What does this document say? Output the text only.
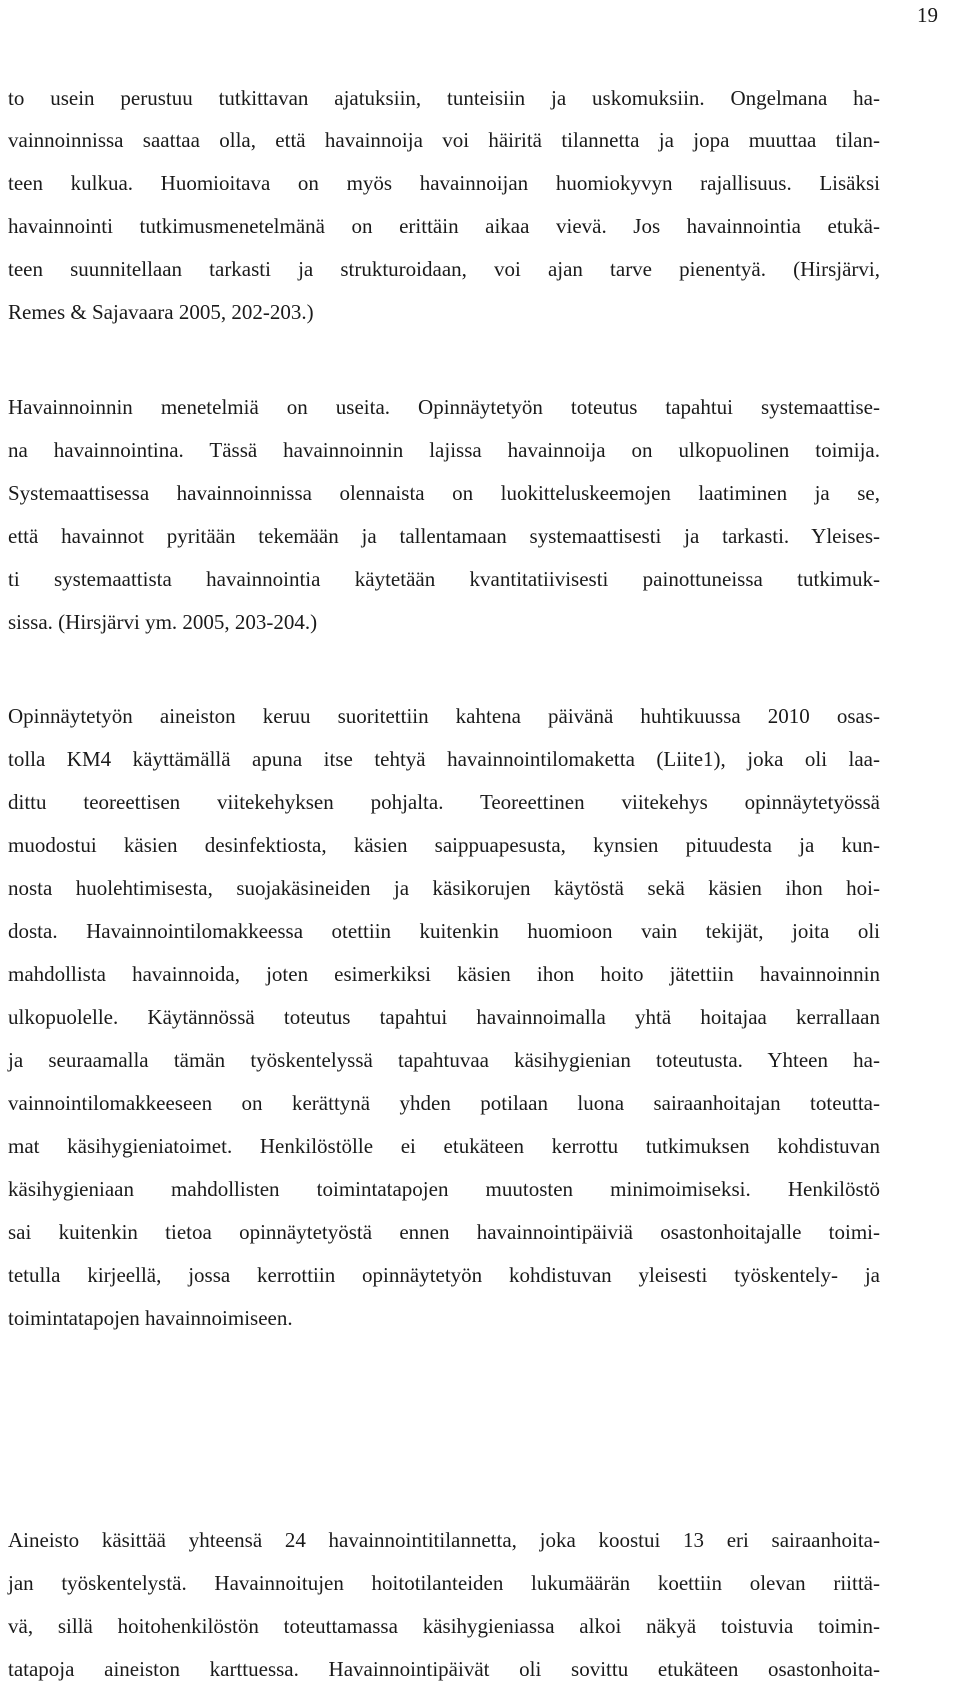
19
to usein perustuu tutkittavan ajatuksiin, tunteisiin ja uskomuksiin. Ongelmana ha-
vainnoinnissa saattaa olla, että havainnoija voi häiritä tilannetta ja jopa muuttaa tilan-
teen kulkua. Huomioitava on myös havainnoijan huomiokyvyn rajallisuus. Lisäksi
havainnointi tutkimusmenetelmänä on erittäin aikaa vievä. Jos havainnointia etukä-
teen suunnitellaan tarkasti ja strukturoidaan, voi ajan tarve pienentyä. (Hirsjärvi,
Remes & Sajavaara 2005, 202-203.)
Havainnoinnin menetelmiä on useita. Opinnäytetyön toteutus tapahtui systemaattise-
na havainnointina. Tässä havainnoinnin lajissa havainnoija on ulkopuolinen toimija.
Systemaattisessa havainnoinnissa olennaista on luokitteluskeemojen laatiminen ja se,
että havainnot pyritään tekemään ja tallentamaan systemaattisesti ja tarkasti. Yleises-
ti systemaattista havainnointia käytetään kvantitatiivisesti painottuneissa tutkimuk-
sissa. (Hirsjärvi ym. 2005, 203-204.)
Opinnäytetyön aineiston keruu suoritettiin kahtena päivänä huhtikuussa 2010 osas-
tolla KM4 käyttämällä apuna itse tehtyä havainnointilomaketta (Liite1), joka oli laa-
dittu teoreettisen viitekehyksen pohjalta. Teoreettinen viitekehys opinnäytetyössä
muodostui käsien desinfektiosta, käsien saippuapesusta, kynsien pituudesta ja kun-
nosta huolehtimisesta, suojakäsineiden ja käsikorujen käytöstä sekä käsien ihon hoi-
dosta. Havainnointilomakkeessa otettiin kuitenkin huomioon vain tekijät, joita oli
mahdollista havainnoida, joten esimerkiksi käsien ihon hoito jätettiin havainnoinnin
ulkopuolelle. Käytännössä toteutus tapahtui havainnoimalla yhtä hoitajaa kerrallaan
ja seuraamalla tämän työskentelyssä tapahtuvaa käsihygienian toteutusta. Yhteen ha-
vainnointilomakkeeseen on kerättynä yhden potilaan luona sairaanhoitajan toteutta-
mat käsihygieniatoimet. Henkilöstölle ei etukäteen kerrottu tutkimuksen kohdistuvan
käsihygieniaan mahdollisten toimintatapojen muutosten minimoimiseksi. Henkilöstö
sai kuitenkin tietoa opinnäytetyöstä ennen havainnointipäiviä osastonhoitajalle toimi-
tetulla kirjeellä, jossa kerrottiin opinnäytetyön kohdistuvan yleisesti työskentely- ja
toimintatapojen havainnoimiseen.
Aineisto käsittää yhteensä 24 havainnointitilannetta, joka koostui 13 eri sairaanhoita-
jan työskentelystä. Havainnoitujen hoitotilanteiden lukumäärän koettiin olevan riittä-
vä, sillä hoitohenkilöstön toteuttamassa käsihygieniassa alkoi näkyä toistuvia toimin-
tatapoja aineiston karttuessa. Havainnointipäivät oli sovittu etukäteen osastonhoita-
